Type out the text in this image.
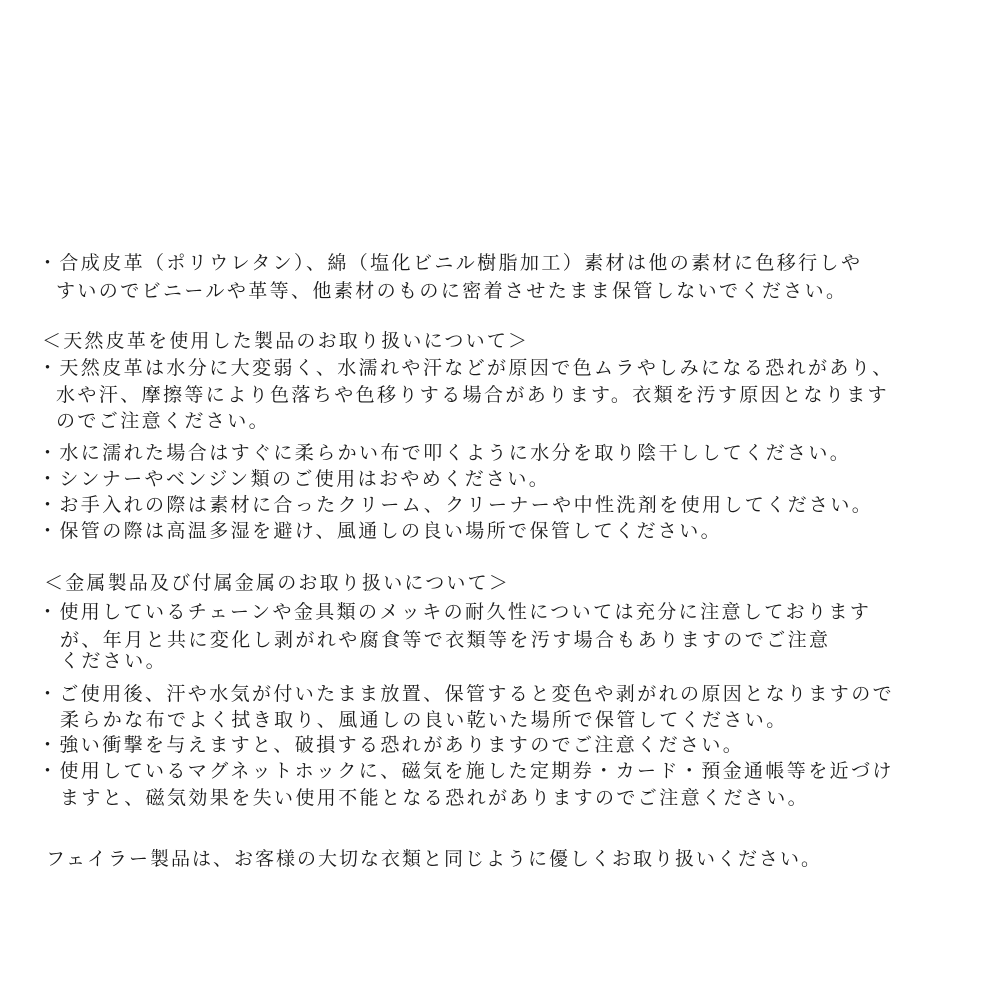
・合成皮革（ポリウレタン）、綿（塩化ビニル樹脂加工）素材は他の素材に色移行しや
すいのでビニールや革等、他素材のものに密着させたまま保管しないでください。
＜天然皮革を使用した製品のお取り扱いについて＞
・天然皮革は水分に大変弱く、水濡れや汗などが原因で色ムラやしみになる恐れがあり、
水や汗、摩擦等により色落ちや色移りする場合があります。衣類を汚す原因となります
のでご注意ください。
・水に濡れた場合はすぐに柔らかい布で叩くように水分を取り陰干ししてください。
・シンナーやベンジン類のご使用はおやめください。
・お手入れの際は素材に合ったクリーム、クリーナーや中性洗剤を使用してください。
・保管の際は高温多湿を避け、風通しの良い場所で保管してください。
＜金属製品及び付属金属のお取り扱いについて＞
・使用しているチェーンや金具類のメッキの耐久性については充分に注意しております
が、年月と共に変化し剥がれや腐食等で衣類等を汚す場合もありますのでご注意
ください。
・ご使用後、汗や水気が付いたまま放置、保管すると変色や剥がれの原因となりますので
柔らかな布でよく拭き取り、風通しの良い乾いた場所で保管してください。
・強い衝撃を与えますと、破損する恐れがありますのでご注意ください。
・使用しているマグネットホックに、磁気を施した定期券・カード・預金通帳等を近づけ
ますと、磁気効果を失い使用不能となる恐れがありますのでご注意ください。
フェイラー製品は、お客様の大切な衣類と同じように優しくお取り扱いください。
